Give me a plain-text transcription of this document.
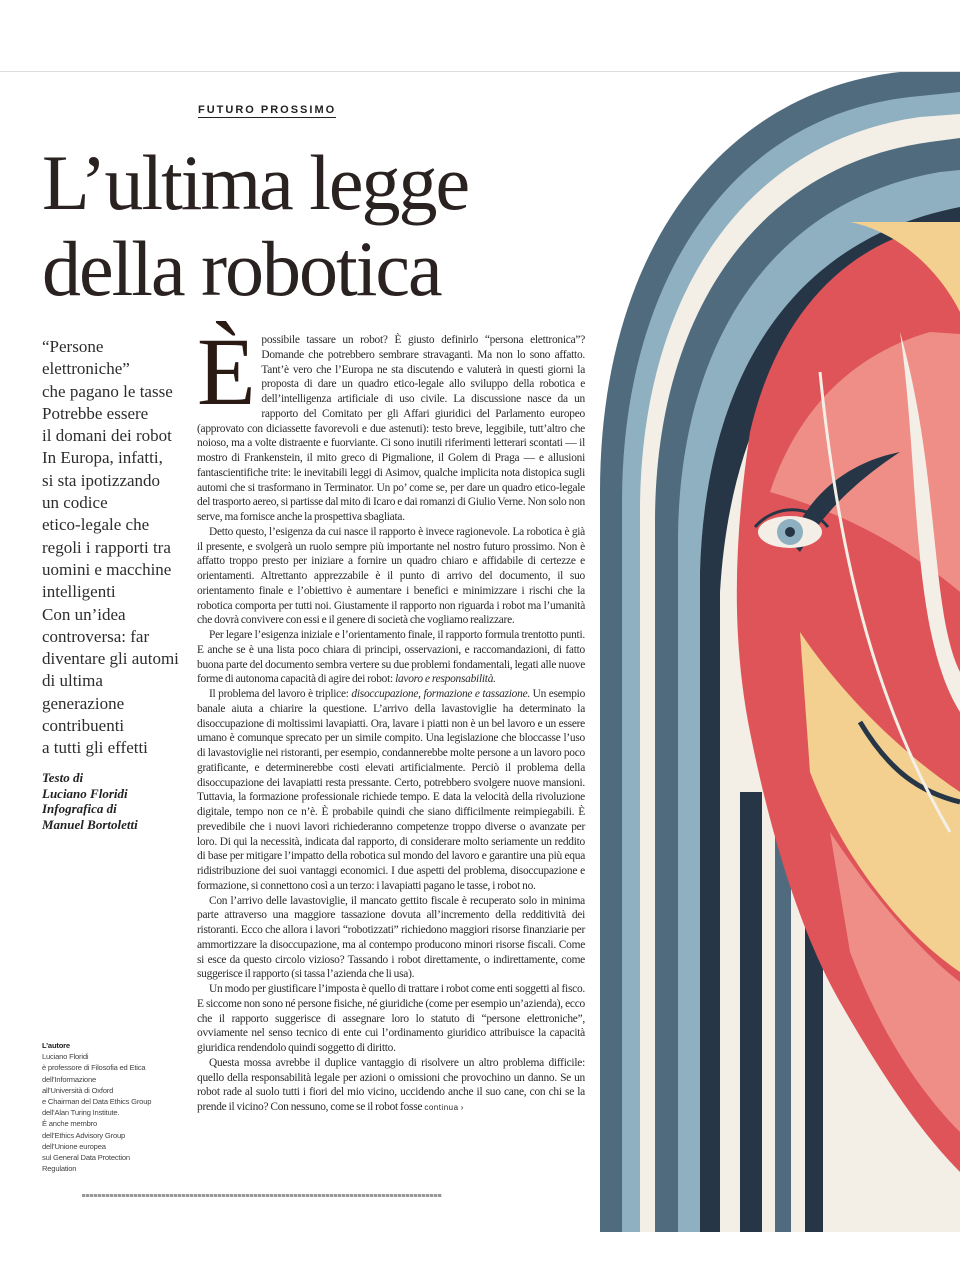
FUTURO PROSSIMO
L’ultima legge
della robotica
“Persone
elettroniche”
che pagano le tasse
Potrebbe essere
il domani dei robot
In Europa, infatti,
si sta ipotizzando
un codice
etico-legale che
regoli i rapporti tra
uomini e macchine
intelligenti
Con un’idea
controversa: far
diventare gli automi
di ultima
generazione
contribuenti
a tutti gli effetti
Testo di
Luciano Floridi
Infografica di
Manuel Bortoletti
L’autore
Luciano Floridi
è professore di Filosofia ed Etica
dell’Informazione
all’Università di Oxford
e Chairman del Data Ethics Group
dell’Alan Turing Institute.
È anche membro
dell’Ethics Advisory Group
dell’Unione europea
sul General Data Protection
Regulation

Èpossibile tassare un robot? È giusto definirlo “persona elettronica”? Domande che potrebbero sembrare stravaganti. Ma non lo sono affatto. Tant’è vero che l’Europa ne sta discutendo e valuterà in questi giorni la proposta di dare un quadro etico-legale allo sviluppo della robotica e dell’intelligenza artificiale di uso civile. La discussione nasce da un rapporto del Comitato per gli Affari giuridici del Parlamento europeo (approvato con diciassette favorevoli e due astenuti): testo breve, leggibile, tutt’altro che noioso, ma a volte distraente e fuorviante. Ci sono inutili riferimenti letterari scontati — il mostro di Frankenstein, il mito greco di Pigmalione, il Golem di Praga — e allusioni fantascientifiche trite: le inevitabili leggi di Asimov, qualche implicita nota distopica sugli automi che si trasformano in Terminator. Un po’ come se, per dare un quadro etico-legale del trasporto aereo, si partisse dal mito di Icaro e dai romanzi di Giulio Verne. Non solo non serve, ma fornisce anche la prospettiva sbagliata.

Detto questo, l’esigenza da cui nasce il rapporto è invece ragionevole. La robotica è già il presente, e svolgerà un ruolo sempre più importante nel nostro futuro prossimo. Non è affatto troppo presto per iniziare a fornire un quadro chiaro e affidabile di certezze e orientamenti. Altrettanto apprezzabile è il punto di arrivo del documento, il suo orientamento finale e l’obiettivo è aumentare i benefici e minimizzare i rischi che la robotica comporta per tutti noi. Giustamente il rapporto non riguarda i robot ma l’umanità che dovrà convivere con essi e il genere di società che vogliamo realizzare.

Per legare l’esigenza iniziale e l’orientamento finale, il rapporto formula trentotto punti. E anche se è una lista poco chiara di principi, osservazioni, e raccomandazioni, di fatto buona parte del documento sembra vertere su due problemi fondamentali, legati alle nuove forme di autonoma capacità di agire dei robot: lavoro e responsabilità.

Il problema del lavoro è triplice: disoccupazione, formazione e tassazione. Un esempio banale aiuta a chiarire la questione. L’arrivo della lavastoviglie ha determinato la disoccupazione di moltissimi lavapiatti. Ora, lavare i piatti non è un bel lavoro e un essere umano è comunque sprecato per un simile compito. Una legislazione che bloccasse l’uso di lavastoviglie nei ristoranti, per esempio, condannerebbe molte persone a un lavoro poco gratificante, e determinerebbe costi elevati artificialmente. Perciò il problema della disoccupazione dei lavapiatti resta pressante. Certo, potrebbero svolgere nuove mansioni. Tuttavia, la formazione professionale richiede tempo. E data la velocità della rivoluzione digitale, tempo non ce n’è. È probabile quindi che siano difficilmente reimpiegabili. È prevedibile che i nuovi lavori richiederanno competenze troppo diverse o avanzate per loro. Di qui la necessità, indicata dal rapporto, di considerare molto seriamente un reddito di base per mitigare l’impatto della robotica sul mondo del lavoro e garantire una più equa ridistribuzione dei suoi vantaggi economici. I due aspetti del problema, disoccupazione e formazione, si connettono così a un terzo: i lavapiatti pagano le tasse, i robot no.

Con l’arrivo delle lavastoviglie, il mancato gettito fiscale è recuperato solo in minima parte attraverso una maggiore tassazione dovuta all’incremento della redditività dei ristoranti. Ecco che allora i lavori “robotizzati” richiedono maggiori risorse finanziarie per ammortizzare la disoccupazione, ma al contempo producono minori risorse fiscali. Come si esce da questo circolo vizioso? Tassando i robot direttamente, o indirettamente, come suggerisce il rapporto (si tassa l’azienda che li usa).

Un modo per giustificare l’imposta è quello di trattare i robot come enti soggetti al fisco. E siccome non sono né persone fisiche, né giuridiche (come per esempio un’azienda), ecco che il rapporto suggerisce di assegnare loro lo statuto di “persone elettroniche”, ovviamente nel senso tecnico di ente cui l’ordinamento giuridico attribuisce la capacità giuridica rendendolo quindi soggetto di diritto.

Questa mossa avrebbe il duplice vantaggio di risolvere un altro problema difficile: quello della responsabilità legale per azioni o omissioni che provochino un danno. Se un robot rade al suolo tutti i fiori del mio vicino, uccidendo anche il suo cane, con chi se la prende il vicino? Con nessuno, come se il robot fosse continua ›
